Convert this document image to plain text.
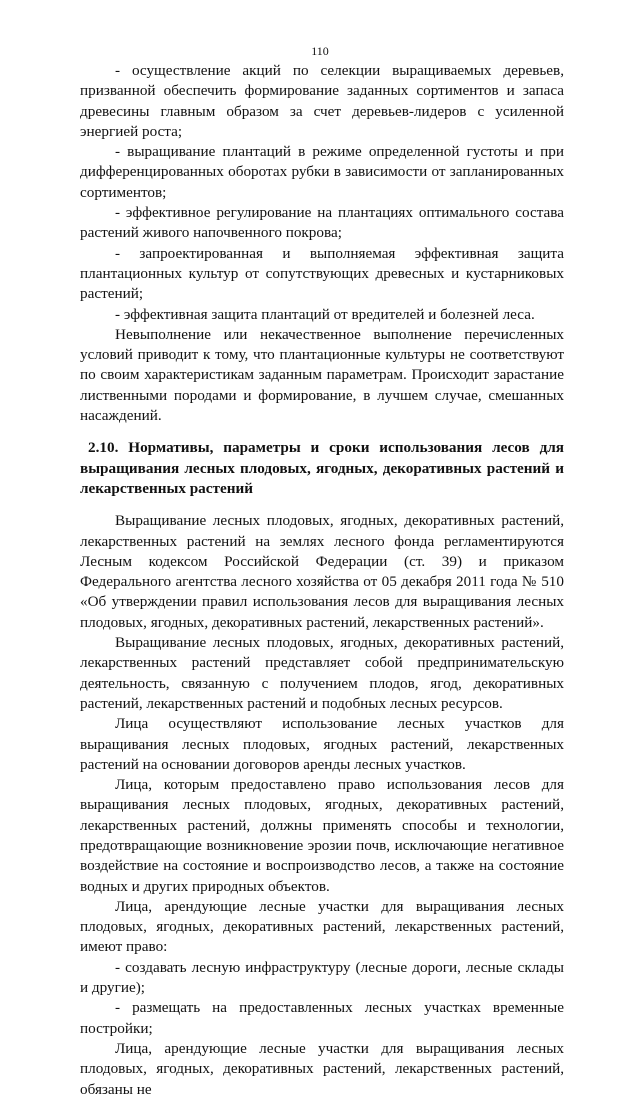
110

- осуществление акций по селекции выращиваемых деревьев, призванной обеспечить формирование заданных сортиментов и запаса древесины главным образом за счет деревьев-лидеров с усиленной энергией роста;

- выращивание плантаций в режиме определенной густоты и при дифференцированных оборотах рубки в зависимости от запланированных сортиментов;

- эффективное регулирование на плантациях оптимального состава растений живого напочвенного покрова;

- запроектированная и выполняемая эффективная защита плантационных культур от сопутствующих древесных и кустарниковых растений;

- эффективная защита плантаций от вредителей и болезней леса.

Невыполнение или некачественное выполнение перечисленных условий приводит к тому, что плантационные культуры не соответствуют по своим характеристикам заданным параметрам. Происходит зарастание лиственными породами и формирование, в лучшем случае, смешанных насаждений.

2.10. Нормативы, параметры и сроки использования лесов для выращивания лесных плодовых, ягодных, декоративных растений и лекарственных растений

Выращивание лесных плодовых, ягодных, декоративных растений, лекарственных растений на землях лесного фонда регламентируются Лесным кодексом Российской Федерации (ст. 39) и приказом Федерального агентства лесного хозяйства от 05 декабря 2011 года № 510 «Об утверждении правил использования лесов для выращивания лесных плодовых, ягодных, декоративных растений, лекарственных растений».

Выращивание лесных плодовых, ягодных, декоративных растений, лекарственных растений представляет собой предпринимательскую деятельность, связанную с получением плодов, ягод, декоративных растений, лекарственных растений и подобных лесных ресурсов.

Лица осуществляют использование лесных участков для выращивания лесных плодовых, ягодных растений, лекарственных растений на основании договоров аренды лесных участков.

Лица, которым предоставлено право использования лесов для выращивания лесных плодовых, ягодных, декоративных растений, лекарственных растений, должны применять способы и технологии, предотвращающие возникновение эрозии почв, исключающие негативное воздействие на состояние и воспроизводство лесов, а также на состояние водных и других природных объектов.

Лица, арендующие лесные участки для выращивания лесных плодовых, ягодных, декоративных растений, лекарственных растений, имеют право:

- создавать лесную инфраструктуру (лесные дороги, лесные склады и другие);

- размещать на предоставленных лесных участках временные постройки;

Лица, арендующие лесные участки для выращивания лесных плодовых, ягодных, декоративных растений, лекарственных растений, обязаны не
